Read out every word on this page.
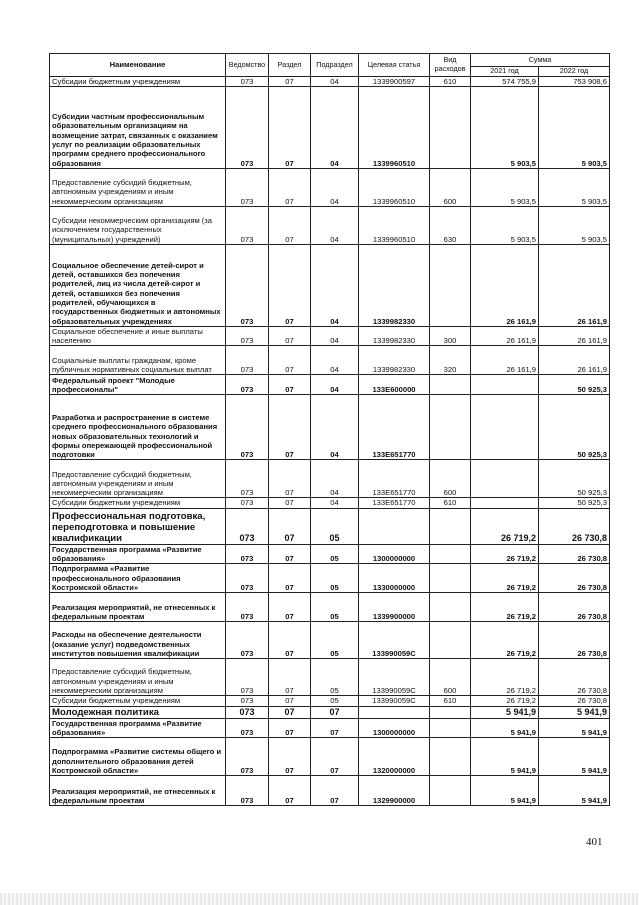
Наименование	Ведомство	Раздел	Подраздел	Целевая статья	Вид расходов	Сумма	
						2021 год	2022 год
Субсидии бюджетным учреждениям	073	07	04	1339900597	610	574 755,9	753 908,6
Субсидии частным профессиональным образовательным организациям на возмещение затрат, связанных с оказанием услуг по реализации образовательных программ среднего профессионального образования	073	07	04	1339960510		5 903,5	5 903,5
Предоставление субсидий бюджетным, автономным учреждениям и иным некоммерческим организациям	073	07	04	1339960510	600	5 903,5	5 903,5
Субсидии некоммерческим организациям (за исключением государственных (муниципальных) учреждений)	073	07	04	1339960510	630	5 903,5	5 903,5
Социальное обеспечение детей-сирот и детей, оставшихся без попечения родителей, лиц из числа детей-сирот и детей, оставшихся без попечения родителей, обучающихся в государственных бюджетных и автономных образовательных учреждениях	073	07	04	1339982330		26 161,9	26 161,9
Социальное обеспечение и иные выплаты населению	073	07	04	1339982330	300	26 161,9	26 161,9
Социальные выплаты гражданам, кроме публичных нормативных социальных выплат	073	07	04	1339982330	320	26 161,9	26 161,9
Федеральный проект "Молодые профессионалы"	073	07	04	133E600000			50 925,3
Разработка и распространение в системе среднего профессионального образования новых образовательных технологий и формы опережающей профессиональной подготовки	073	07	04	133E651770			50 925,3
Предоставление субсидий бюджетным, автономным учреждениям и иным некоммерческим организациям	073	07	04	133E651770	600		50 925,3
Субсидии бюджетным учреждениям	073	07	04	133E651770	610		50 925,3
Профессиональная подготовка, переподготовка и повышение квалификации	073	07	05			26 719,2	26 730,8
Государственная программа «Развитие образования»	073	07	05	1300000000		26 719,2	26 730,8
Подпрограмма «Развитие профессионального образования Костромской области»	073	07	05	1330000000		26 719,2	26 730,8
Реализация мероприятий, не отнесенных к федеральным проектам	073	07	05	1339900000		26 719,2	26 730,8
Расходы на обеспечение деятельности (оказание услуг) подведомственных институтов повышения квалификации	073	07	05	133990059С		26 719,2	26 730,8
Предоставление субсидий бюджетным, автономным учреждениям и иным некоммерческим организациям	073	07	05	133990059С	600	26 719,2	26 730,8
Субсидии бюджетным учреждениям	073	07	05	133990059С	610	26 719,2	26 730,8
Молодежная политика	073	07	07			5 941,9	5 941,9
Государственная программа «Развитие образования»	073	07	07	1300000000		5 941,9	5 941,9
Подпрограмма «Развитие системы общего и дополнительного образования детей Костромской области»	073	07	07	1320000000		5 941,9	5 941,9
Реализация мероприятий, не отнесенных к федеральным проектам	073	07	07	1329900000		5 941,9	5 941,9
401
